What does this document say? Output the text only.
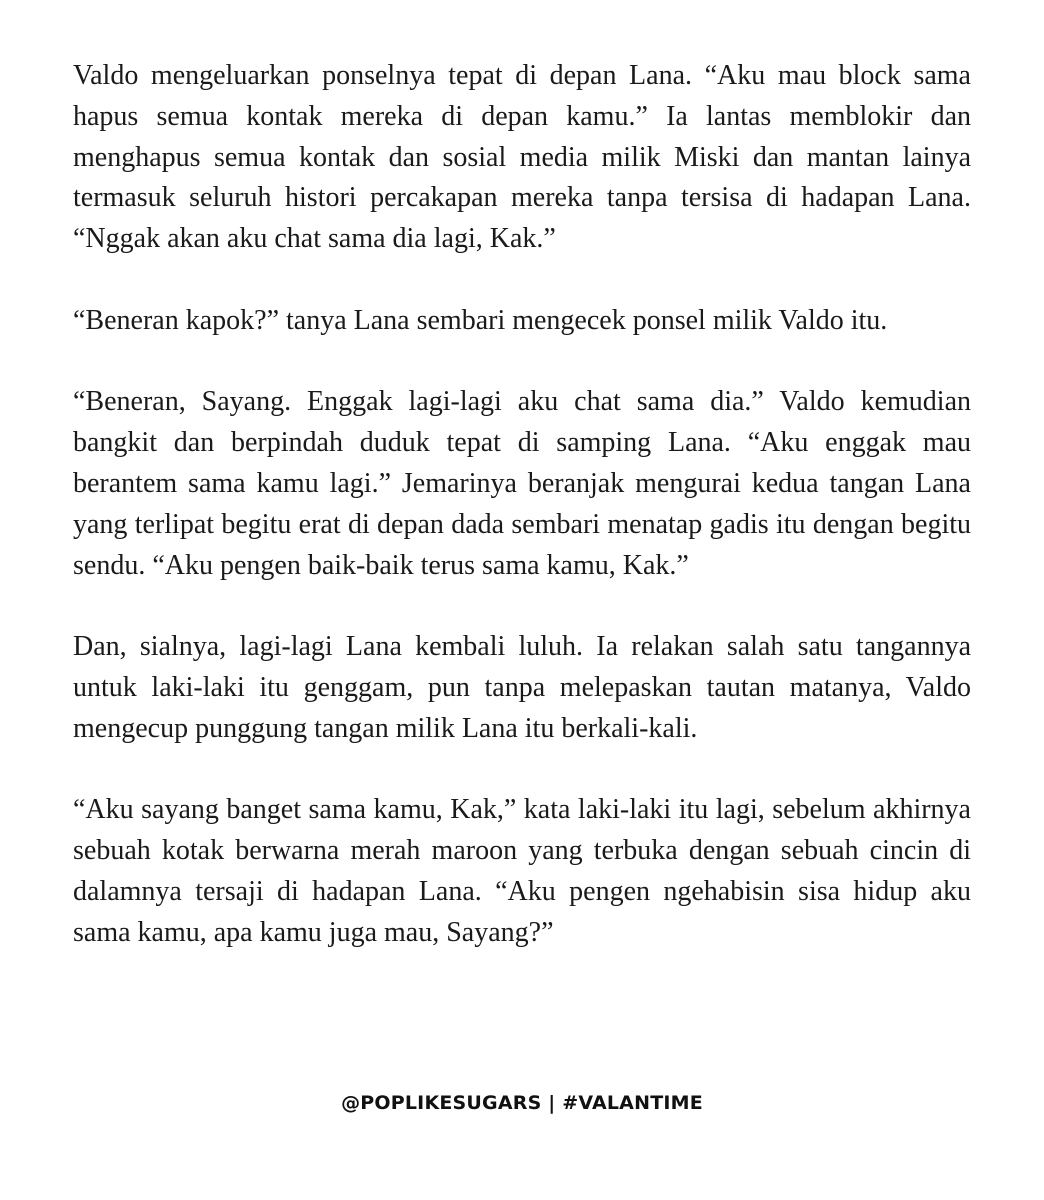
Valdo mengeluarkan ponselnya tepat di depan Lana. “Aku mau block sama hapus semua kontak mereka di depan kamu.” Ia lantas memblokir dan menghapus semua kontak dan sosial media milik Miski dan mantan lainya termasuk seluruh histori percakapan mereka tanpa tersisa di hadapan Lana. “Nggak akan aku chat sama dia lagi, Kak.”

“Beneran kapok?” tanya Lana sembari mengecek ponsel milik Valdo itu.

“Beneran, Sayang. Enggak lagi-lagi aku chat sama dia.” Valdo kemudian bangkit dan berpindah duduk tepat di samping Lana. “Aku enggak mau berantem sama kamu lagi.” Jemarinya beranjak mengurai kedua tangan Lana yang terlipat begitu erat di depan dada sembari menatap gadis itu dengan begitu sendu. “Aku pengen baik-baik terus sama kamu, Kak.”

Dan, sialnya, lagi-lagi Lana kembali luluh. Ia relakan salah satu tangannya untuk laki-laki itu genggam, pun tanpa melepaskan tautan matanya, Valdo mengecup punggung tangan milik Lana itu berkali-kali.

“Aku sayang banget sama kamu, Kak,” kata laki-laki itu lagi, sebelum akhirnya sebuah kotak berwarna merah maroon yang terbuka dengan sebuah cincin di dalamnya tersaji di hadapan Lana. “Aku pengen ngehabisin sisa hidup aku sama kamu, apa kamu juga mau, Sayang?”

@POPLIKESUGARS | #VALANTIME
